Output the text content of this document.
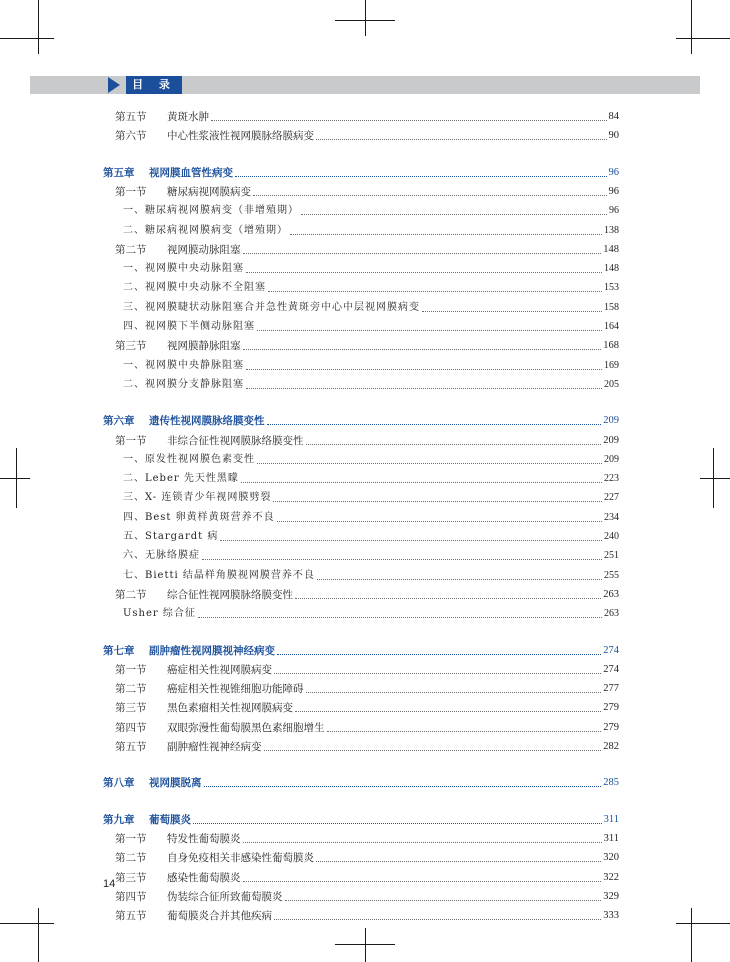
目 录
第五节 黄斑水肿	84
第六节 中心性浆液性视网膜脉络膜病变	90
第五章 视网膜血管性病变	96
第一节 糖尿病视网膜病变	96
一、糖尿病视网膜病变（非增殖期）	96
二、糖尿病视网膜病变（增殖期）	138
第二节 视网膜动脉阻塞	148
一、视网膜中央动脉阻塞	148
二、视网膜中央动脉不全阻塞	153
三、视网膜睫状动脉阻塞合并急性黄斑旁中心中层视网膜病变	158
四、视网膜下半侧动脉阻塞	164
第三节 视网膜静脉阻塞	168
一、视网膜中央静脉阻塞	169
二、视网膜分支静脉阻塞	205
第六章 遗传性视网膜脉络膜变性	209
第一节 非综合征性视网膜脉络膜变性	209
一、原发性视网膜色素变性	209
二、Leber 先天性黑矇	223
三、X- 连锁青少年视网膜劈裂	227
四、Best 卵黄样黄斑营养不良	234
五、Stargardt 病	240
六、无脉络膜症	251
七、Bietti 结晶样角膜视网膜营养不良	255
第二节 综合征性视网膜脉络膜变性	263
Usher 综合征	263
第七章 副肿瘤性视网膜视神经病变	274
第一节 癌症相关性视网膜病变	274
第二节 癌症相关性视锥细胞功能障碍	277
第三节 黑色素瘤相关性视网膜病变	279
第四节 双眼弥漫性葡萄膜黑色素细胞增生	279
第五节 副肿瘤性视神经病变	282
第八章 视网膜脱离	285
第九章 葡萄膜炎	311
第一节 特发性葡萄膜炎	311
第二节 自身免疫相关非感染性葡萄膜炎	320
第三节 感染性葡萄膜炎	322
第四节 伪装综合征所致葡萄膜炎	329
第五节 葡萄膜炎合并其他疾病	333
14
